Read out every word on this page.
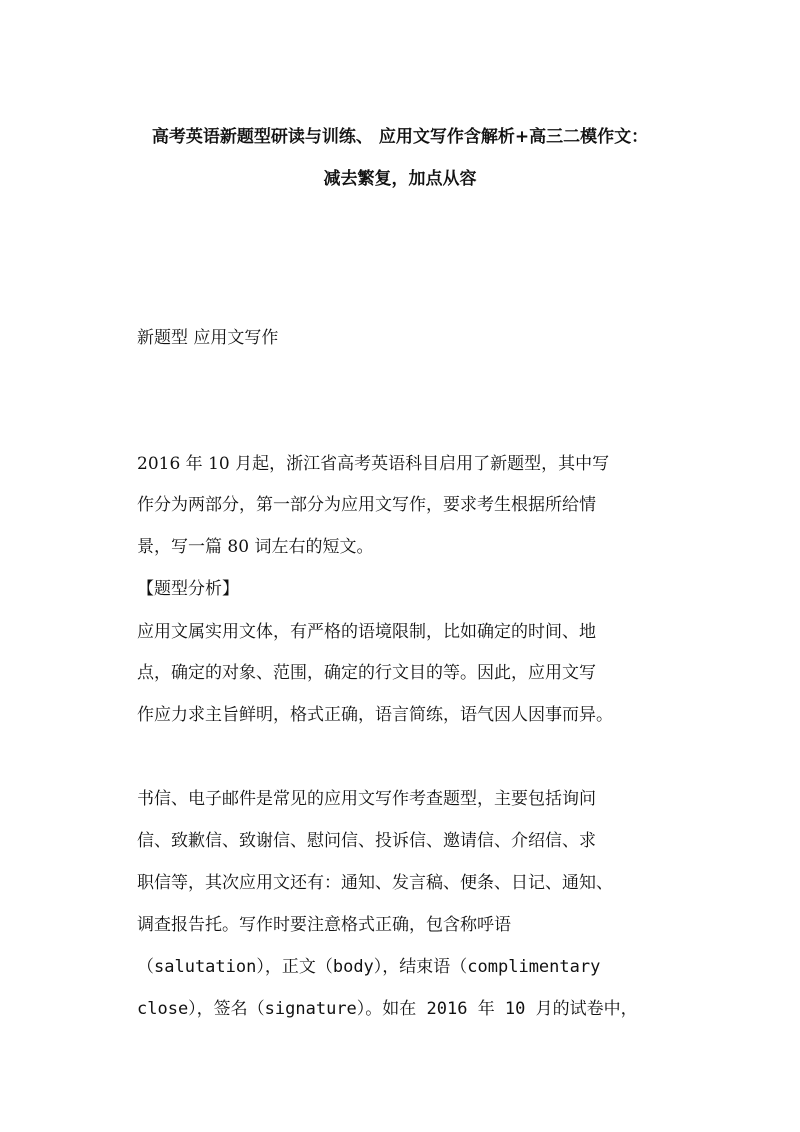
高考英语新题型研读与训练、 应用文写作含解析+高三二模作文：
减去繁复，加点从容
新题型 应用文写作
2016 年 10 月起，浙江省高考英语科目启用了新题型，其中写
作分为两部分，第一部分为应用文写作，要求考生根据所给情
景，写一篇 80 词左右的短文。
【题型分析】
应用文属实用文体，有严格的语境限制，比如确定的时间、地
点，确定的对象、范围，确定的行文目的等。因此，应用文写
作应力求主旨鲜明，格式正确，语言简练，语气因人因事而异。
书信、电子邮件是常见的应用文写作考查题型，主要包括询问
信、致歉信、致谢信、慰问信、投诉信、邀请信、介绍信、求
职信等，其次应用文还有：通知、发言稿、便条、日记、通知、
调查报告托。写作时要注意格式正确，包含称呼语
（salutation），正文（body），结束语（complimentary
close），签名（signature）。如在 2016 年 10 月的试卷中，
